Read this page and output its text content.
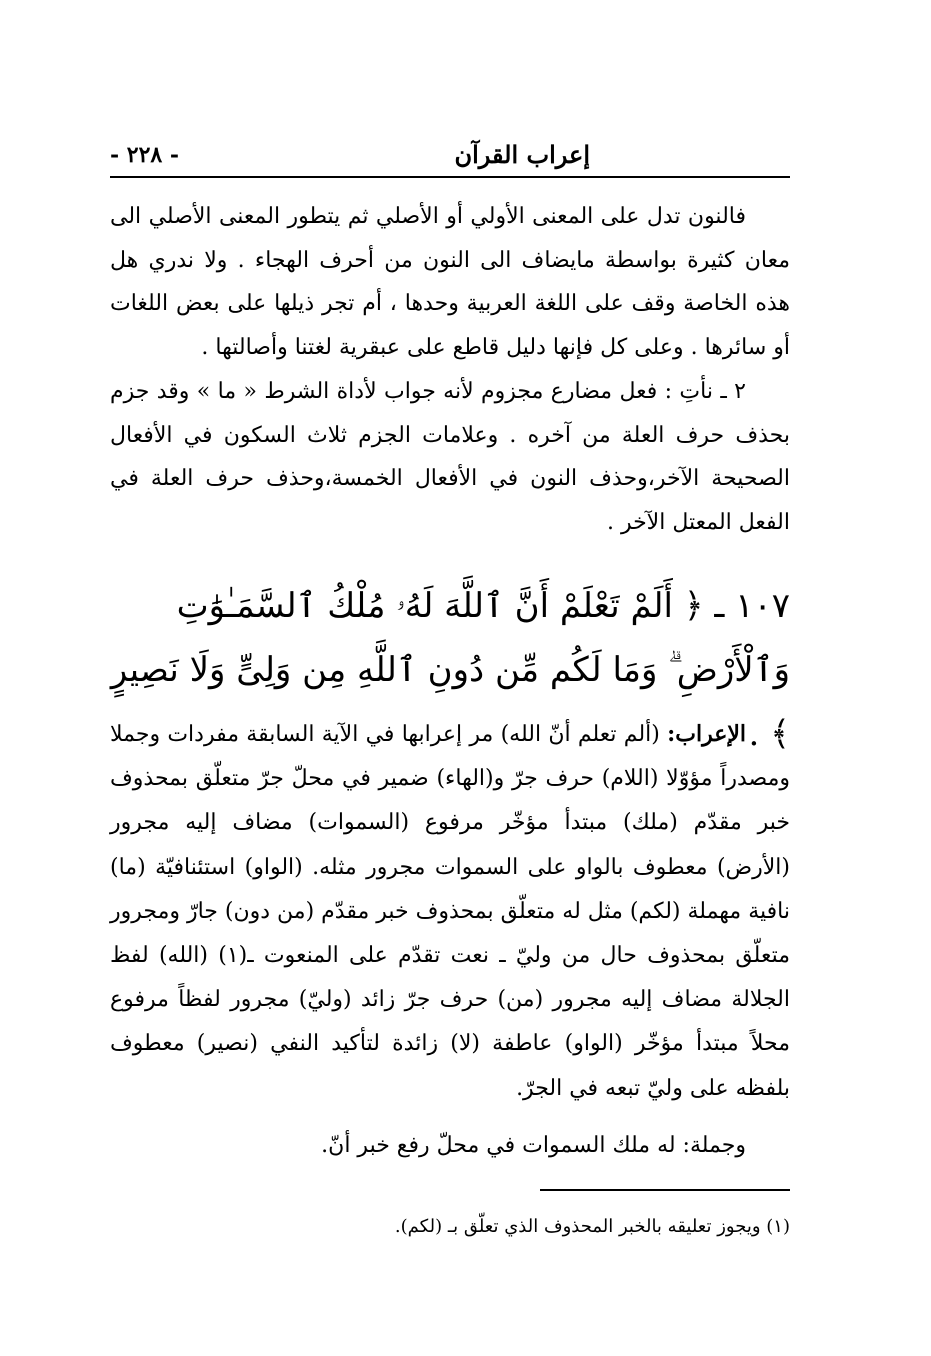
إعراب القرآن
- ٢٢٨ -
فالنون تدل على المعنى الأولي أو الأصلي ثم يتطور المعنى الأصلي الى معان كثيرة بواسطة مايضاف الى النون من أحرف الهجاء . ولا ندري هل هذه الخاصة وقف على اللغة العربية وحدها ، أم تجر ذيلها على بعض اللغات أو سائرها . وعلى كل فإنها دليل قاطع على عبقرية لغتنا وأصالتها .
٢ ـ نأتِ : فعل مضارع مجزوم لأنه جواب لأداة الشرط « ما » وقد جزم بحذف حرف العلة من آخره . وعلامات الجزم ثلاث السكون في الأفعال الصحيحة الآخر،وحذف النون في الأفعال الخمسة،وحذف حرف العلة في الفعل المعتل الآخر .
١٠٧ ـ ﴿ أَلَمْ تَعْلَمْ أَنَّ ٱللَّهَ لَهُۥ مُلْكُ ٱلسَّمَـٰوَٰتِ وَٱلْأَرْضِ ۗ وَمَا لَكُم مِّن دُونِ ٱللَّهِ مِن وَلِىٍّ وَلَا نَصِيرٍ ﴾ .
الإعراب: (ألم تعلم أنّ الله) مر إعرابها في الآية السابقة مفردات وجملا ومصدراً مؤوّلا (اللام) حرف جرّ و(الهاء) ضمير في محلّ جرّ متعلّق بمحذوف خبر مقدّم (ملك) مبتدأ مؤخّر مرفوع (السموات) مضاف إليه مجرور (الأرض) معطوف بالواو على السموات مجرور مثله. (الواو) استئنافيّة (ما) نافية مهملة (لكم) مثل له متعلّق بمحذوف خبر مقدّم (من دون) جارّ ومجرور متعلّق بمحذوف حال من وليّ ـ نعت تقدّم على المنعوت ـ(١) (الله) لفظ الجلالة مضاف إليه مجرور (من) حرف جرّ زائد (وليّ) مجرور لفظاً مرفوع محلاً مبتدأ مؤخّر (الواو) عاطفة (لا) زائدة لتأكيد النفي (نصير) معطوف بلفظه على وليّ تبعه في الجرّ.
وجملة: له ملك السموات في محلّ رفع خبر أنّ.
(١) ويجوز تعليقه بالخبر المحذوف الذي تعلّق بـ (لكم).
